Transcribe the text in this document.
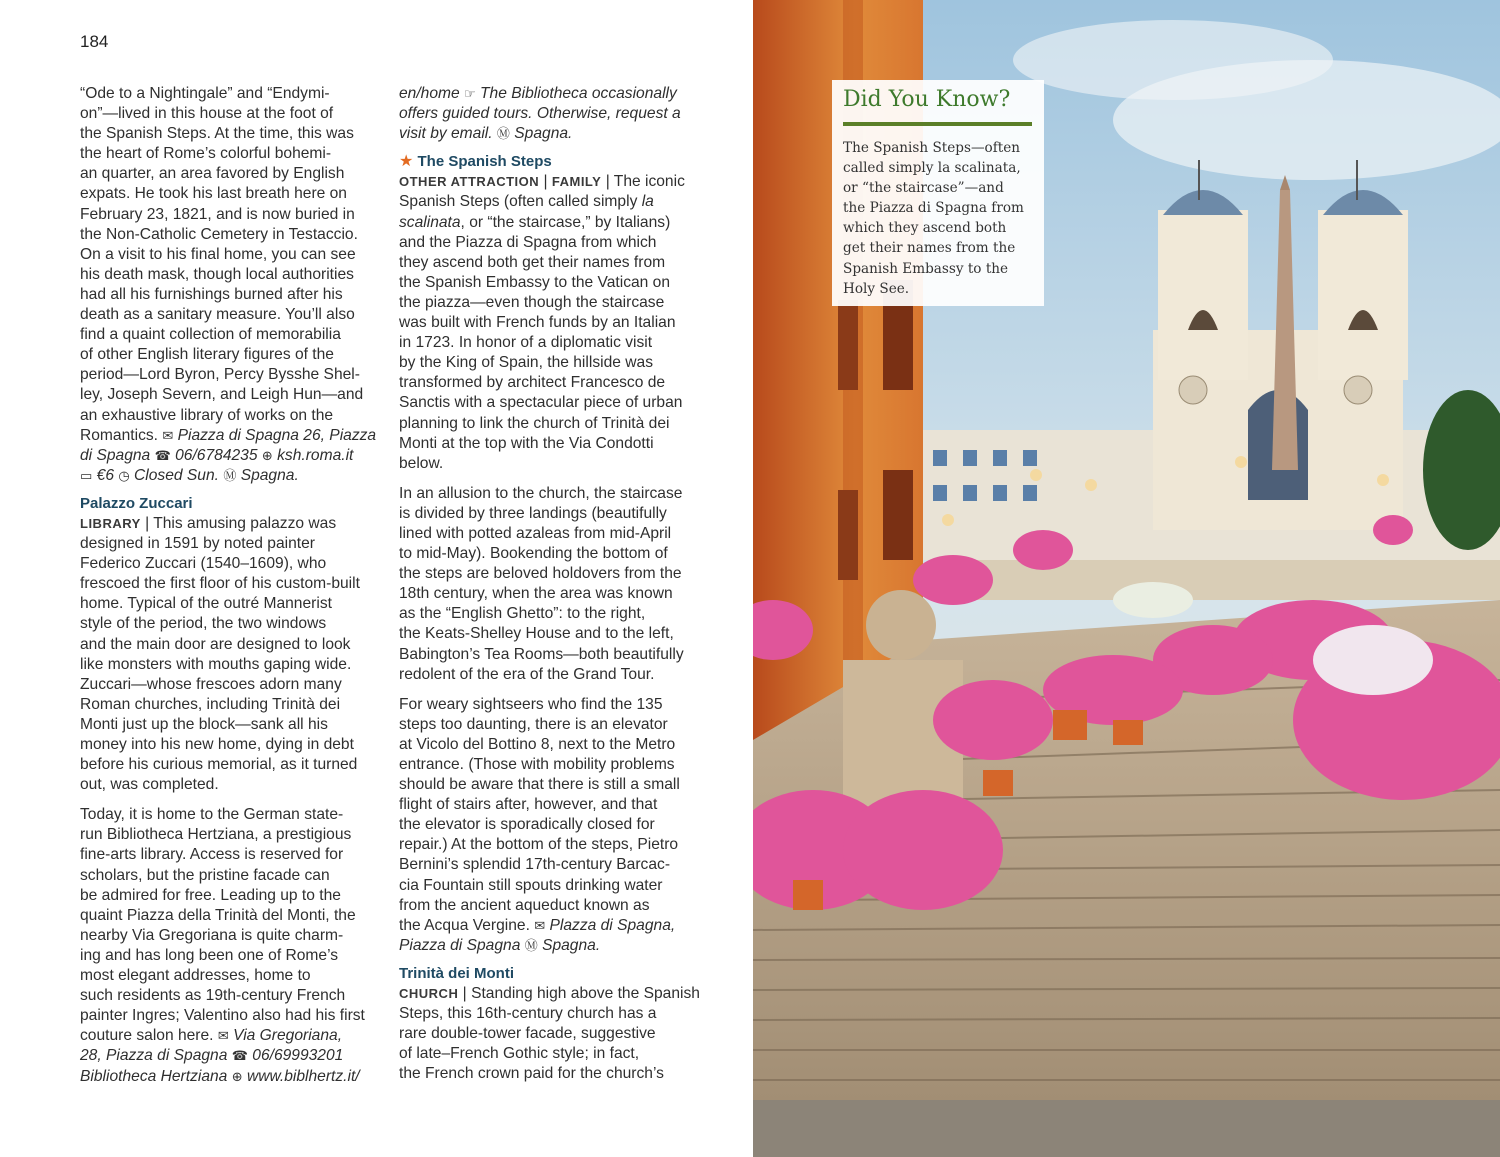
184
“Ode to a Nightingale” and “Endymi-
on”—lived in this house at the foot of
the Spanish Steps. At the time, this was
the heart of Rome’s colorful bohemi-
an quarter, an area favored by English
expats. He took his last breath here on
February 23, 1821, and is now buried in
the Non-Catholic Cemetery in Testaccio.
On a visit to his final home, you can see
his death mask, though local authorities
had all his furnishings burned after his
death as a sanitary measure. You’ll also
find a quaint collection of memorabilia
of other English literary figures of the
period—Lord Byron, Percy Bysshe Shel-
ley, Joseph Severn, and Leigh Hun—and
an exhaustive library of works on the
Romantics. ✉ Piazza di Spagna 26, Piazza
di Spagna ☎ 06/6784235 ⊕ ksh.roma.it
▭ €6 ◷ Closed Sun. Ⓜ Spagna.
Palazzo Zuccari
LIBRARY | This amusing palazzo was
designed in 1591 by noted painter
Federico Zuccari (1540–1609), who
frescoed the first floor of his custom-built
home. Typical of the outré Mannerist
style of the period, the two windows
and the main door are designed to look
like monsters with mouths gaping wide.
Zuccari—whose frescoes adorn many
Roman churches, including Trinità dei
Monti just up the block—sank all his
money into his new home, dying in debt
before his curious memorial, as it turned
out, was completed.
Today, it is home to the German state-
run Bibliotheca Hertziana, a prestigious
fine-arts library. Access is reserved for
scholars, but the pristine facade can
be admired for free. Leading up to the
quaint Piazza della Trinità del Monti, the
nearby Via Gregoriana is quite charm-
ing and has long been one of Rome’s
most elegant addresses, home to
such residents as 19th-century French
painter Ingres; Valentino also had his first
couture salon here. ✉ Via Gregoriana,
28, Piazza di Spagna ☎ 06/69993201
Bibliotheca Hertziana ⊕ www.biblhertz.it/
en/home ☞ The Bibliotheca occasionally
offers guided tours. Otherwise, request a
visit by email. Ⓜ Spagna.
★ The Spanish Steps
OTHER ATTRACTION | FAMILY | The iconic
Spanish Steps (often called simply la
scalinata, or “the staircase,” by Italians)
and the Piazza di Spagna from which
they ascend both get their names from
the Spanish Embassy to the Vatican on
the piazza—even though the staircase
was built with French funds by an Italian
in 1723. In honor of a diplomatic visit
by the King of Spain, the hillside was
transformed by architect Francesco de
Sanctis with a spectacular piece of urban
planning to link the church of Trinità dei
Monti at the top with the Via Condotti
below.
In an allusion to the church, the staircase
is divided by three landings (beautifully
lined with potted azaleas from mid-April
to mid-May). Bookending the bottom of
the steps are beloved holdovers from the
18th century, when the area was known
as the “English Ghetto”: to the right,
the Keats-Shelley House and to the left,
Babington’s Tea Rooms—both beautifully
redolent of the era of the Grand Tour.
For weary sightseers who find the 135
steps too daunting, there is an elevator
at Vicolo del Bottino 8, next to the Metro
entrance. (Those with mobility problems
should be aware that there is still a small
flight of stairs after, however, and that
the elevator is sporadically closed for
repair.) At the bottom of the steps, Pietro
Bernini’s splendid 17th-century Barcac-
cia Fountain still spouts drinking water
from the ancient aqueduct known as
the Acqua Vergine. ✉ Plazza di Spagna,
Piazza di Spagna Ⓜ Spagna.
Trinità dei Monti
CHURCH | Standing high above the Spanish
Steps, this 16th-century church has a
rare double-tower facade, suggestive
of late–French Gothic style; in fact,
the French crown paid for the church’s
Did You Know?
The Spanish Steps—often
called simply la scalinata,
or “the staircase”—and
the Piazza di Spagna from
which they ascend both
get their names from the
Spanish Embassy to the
Holy See.
